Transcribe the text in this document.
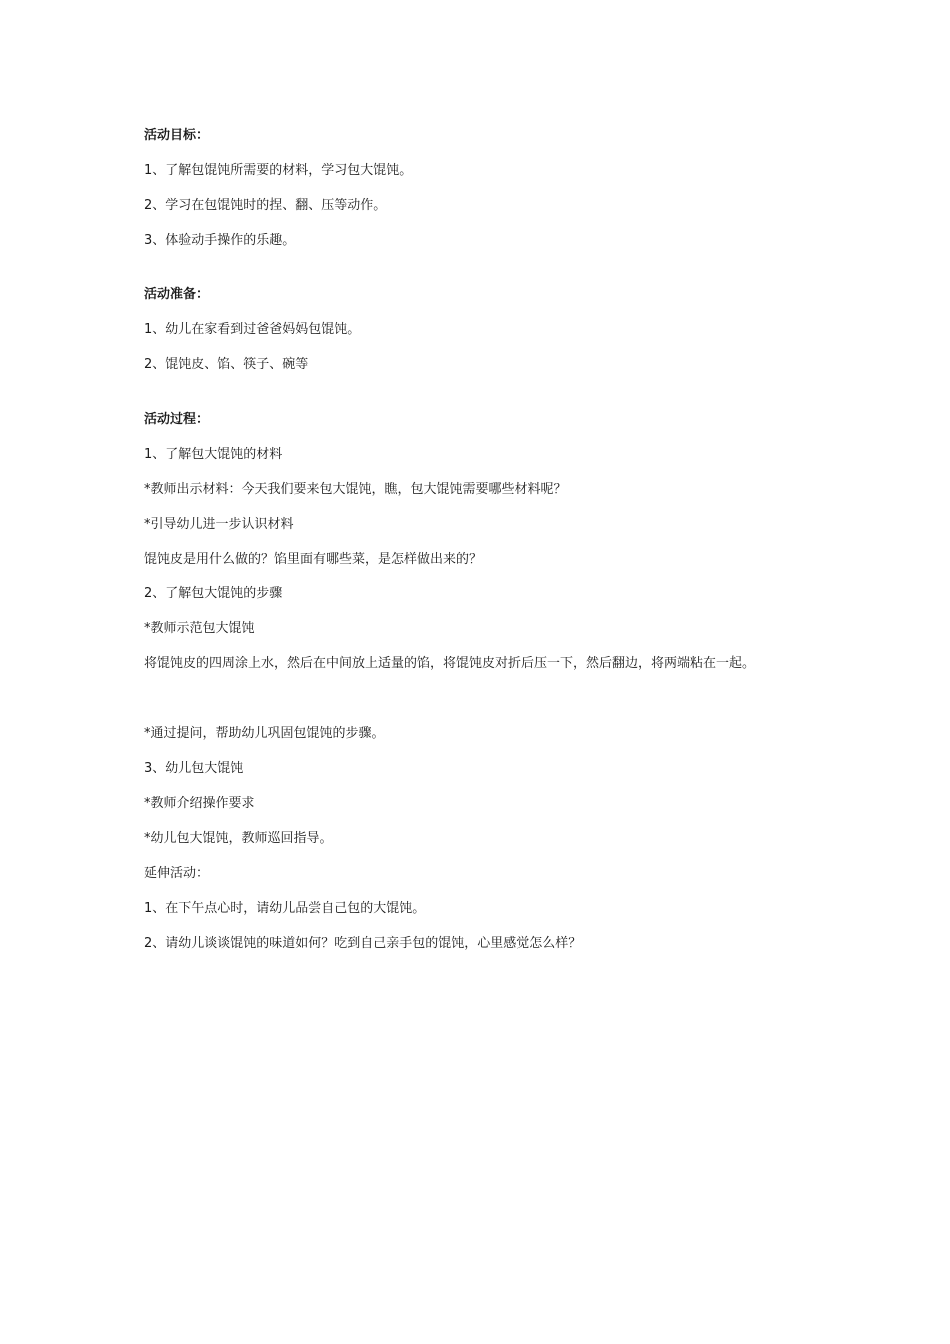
活动目标：
1、了解包馄饨所需要的材料，学习包大馄饨。
2、学习在包馄饨时的捏、翻、压等动作。
3、体验动手操作的乐趣。
活动准备：
1、幼儿在家看到过爸爸妈妈包馄饨。
2、馄饨皮、馅、筷子、碗等
活动过程：
1、了解包大馄饨的材料
*教师出示材料：今天我们要来包大馄饨，瞧，包大馄饨需要哪些材料呢？
*引导幼儿进一步认识材料
馄饨皮是用什么做的？馅里面有哪些菜，是怎样做出来的？
2、了解包大馄饨的步骤
*教师示范包大馄饨
将馄饨皮的四周涂上水，然后在中间放上适量的馅，将馄饨皮对折后压一下，然后翻边，将两端粘在一起。
*通过提问，帮助幼儿巩固包馄饨的步骤。
3、幼儿包大馄饨
*教师介绍操作要求
*幼儿包大馄饨，教师巡回指导。
延伸活动：
1、在下午点心时，请幼儿品尝自己包的大馄饨。
2、请幼儿谈谈馄饨的味道如何？吃到自己亲手包的馄饨，心里感觉怎么样？
